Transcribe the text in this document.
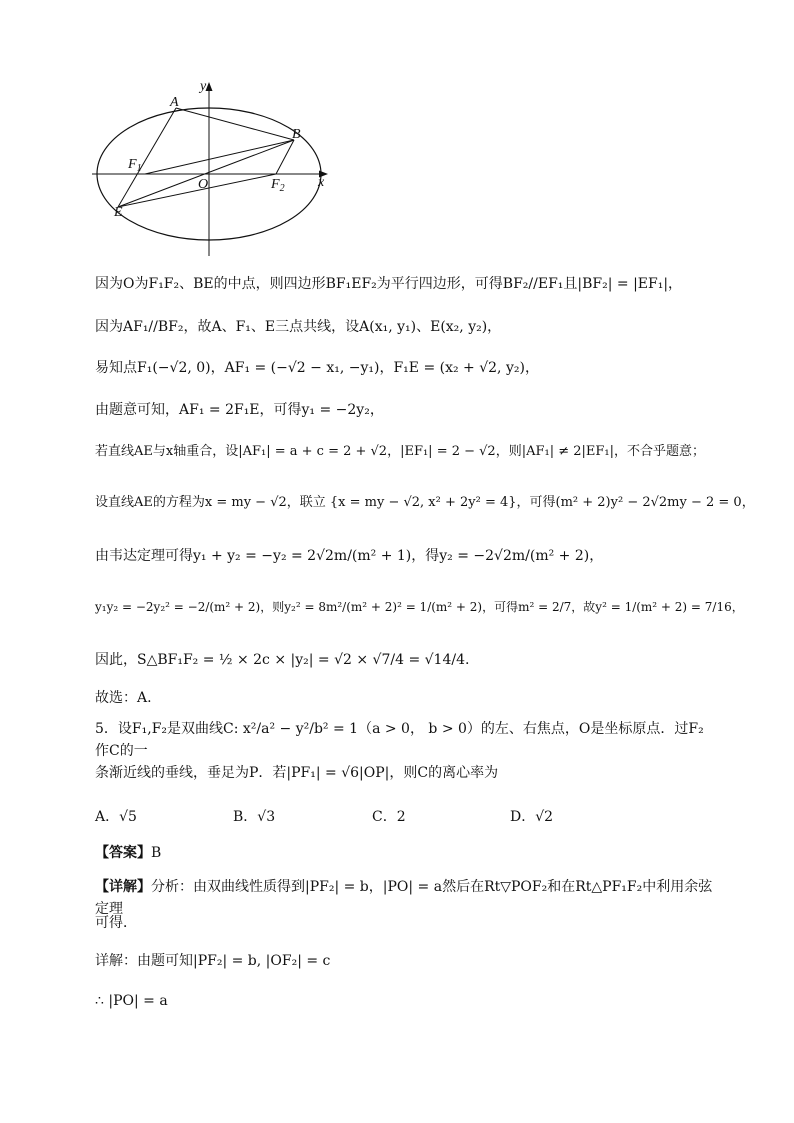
y
x
A
B
E
O
$F_1$
$F_2$
因为O为F₁F₂、BE的中点，则四边形BF₁EF₂为平行四边形，可得BF₂//EF₁且|BF₂| = |EF₁|，
因为AF₁//BF₂，故A、F₁、E三点共线，设A(x₁, y₁)、E(x₂, y₂)，
易知点F₁(−√2, 0)，AF₁ = (−√2 − x₁, −y₁)，F₁E = (x₂ + √2, y₂)，
由题意可知，AF₁ = 2F₁E，可得y₁ = −2y₂，
若直线AE与x轴重合，设|AF₁| = a + c = 2 + √2，|EF₁| = 2 − √2，则|AF₁| ≠ 2|EF₁|，不合乎题意；
设直线AE的方程为x = my − √2，联立 {x = my − √2, x² + 2y² = 4}，可得(m² + 2)y² − 2√2my − 2 = 0，
由韦达定理可得y₁ + y₂ = −y₂ = 2√2m/(m² + 1)，得y₂ = −2√2m/(m² + 2)，
y₁y₂ = −2y₂² = −2/(m² + 2)，则y₂² = 8m²/(m² + 2)² = 1/(m² + 2)，可得m² = 2/7，故y² = 1/(m² + 2) = 7/16，
因此，S△BF₁F₂ = ½ × 2c × |y₂| = √2 × √7/4 = √14/4.
故选：A.
5．设F₁,F₂是双曲线C: x²/a² − y²/b² = 1（a > 0， b > 0）的左、右焦点，O是坐标原点．过F₂作C的一
条渐近线的垂线，垂足为P．若|PF₁| = √6|OP|，则C的离心率为
A．√5	B．√3	C．2	D．√2
【答案】B
【详解】分析：由双曲线性质得到|PF₂| = b，|PO| = a然后在Rt▽POF₂和在Rt△PF₁F₂中利用余弦定理
可得．
详解：由题可知|PF₂| = b, |OF₂| = c
∴ |PO| = a
